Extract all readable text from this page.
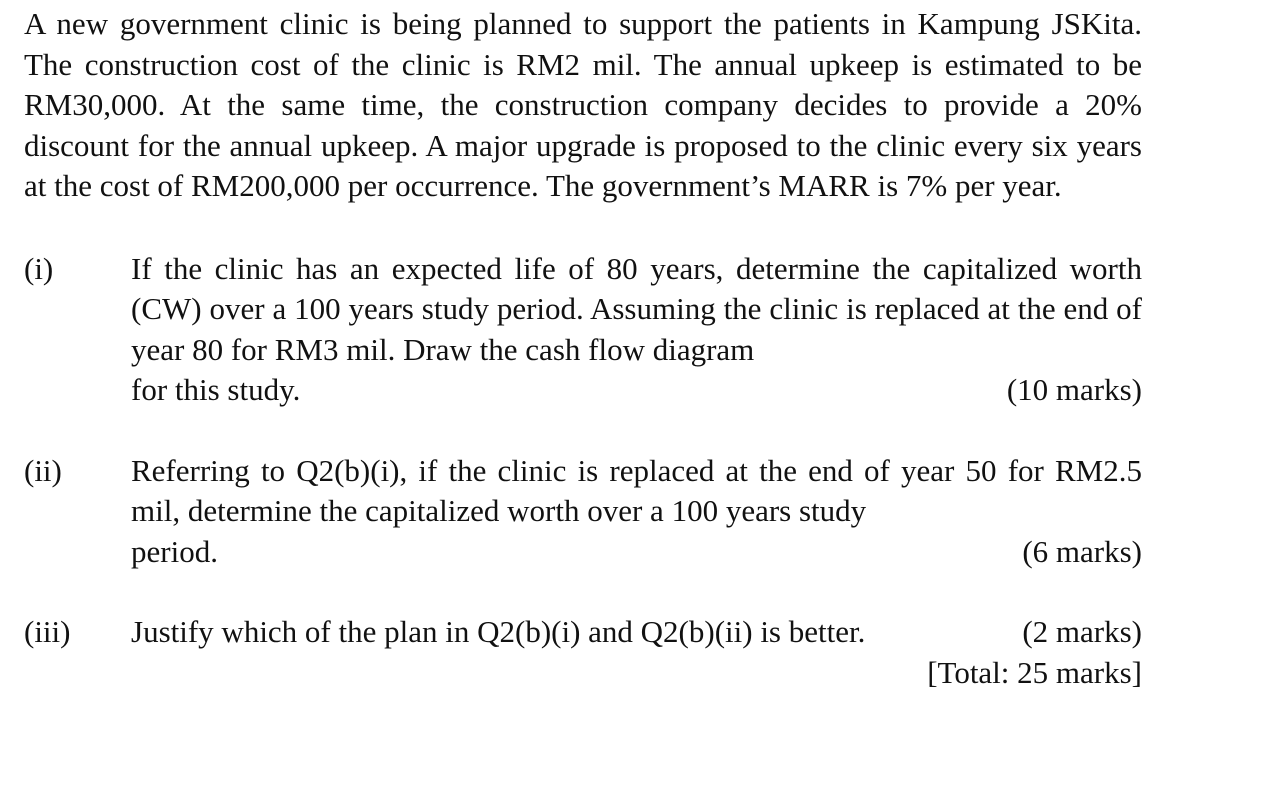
A new government clinic is being planned to support the patients in Kampung JSKita. The construction cost of the clinic is RM2 mil. The annual upkeep is estimated to be RM30,000. At the same time, the construction company decides to provide a 20% discount for the annual upkeep. A major upgrade is proposed to the clinic every six years at the cost of RM200,000 per occurrence. The government’s MARR is 7% per year.

(i)	If the clinic has an expected life of 80 years, determine the capitalized worth (CW) over a 100 years study period. Assuming the clinic is replaced at the end of year 80 for RM3 mil. Draw the cash flow diagram

for this study.	(10 marks)
(ii)	Referring to Q2(b)(i), if the clinic is replaced at the end of year 50 for RM2.5 mil, determine the capitalized worth over a 100 years study

period.	(6 marks)
(iii)	Justify which of the plan in Q2(b)(i) and Q2(b)(ii) is better.	(2 marks)
[Total: 25 marks]
